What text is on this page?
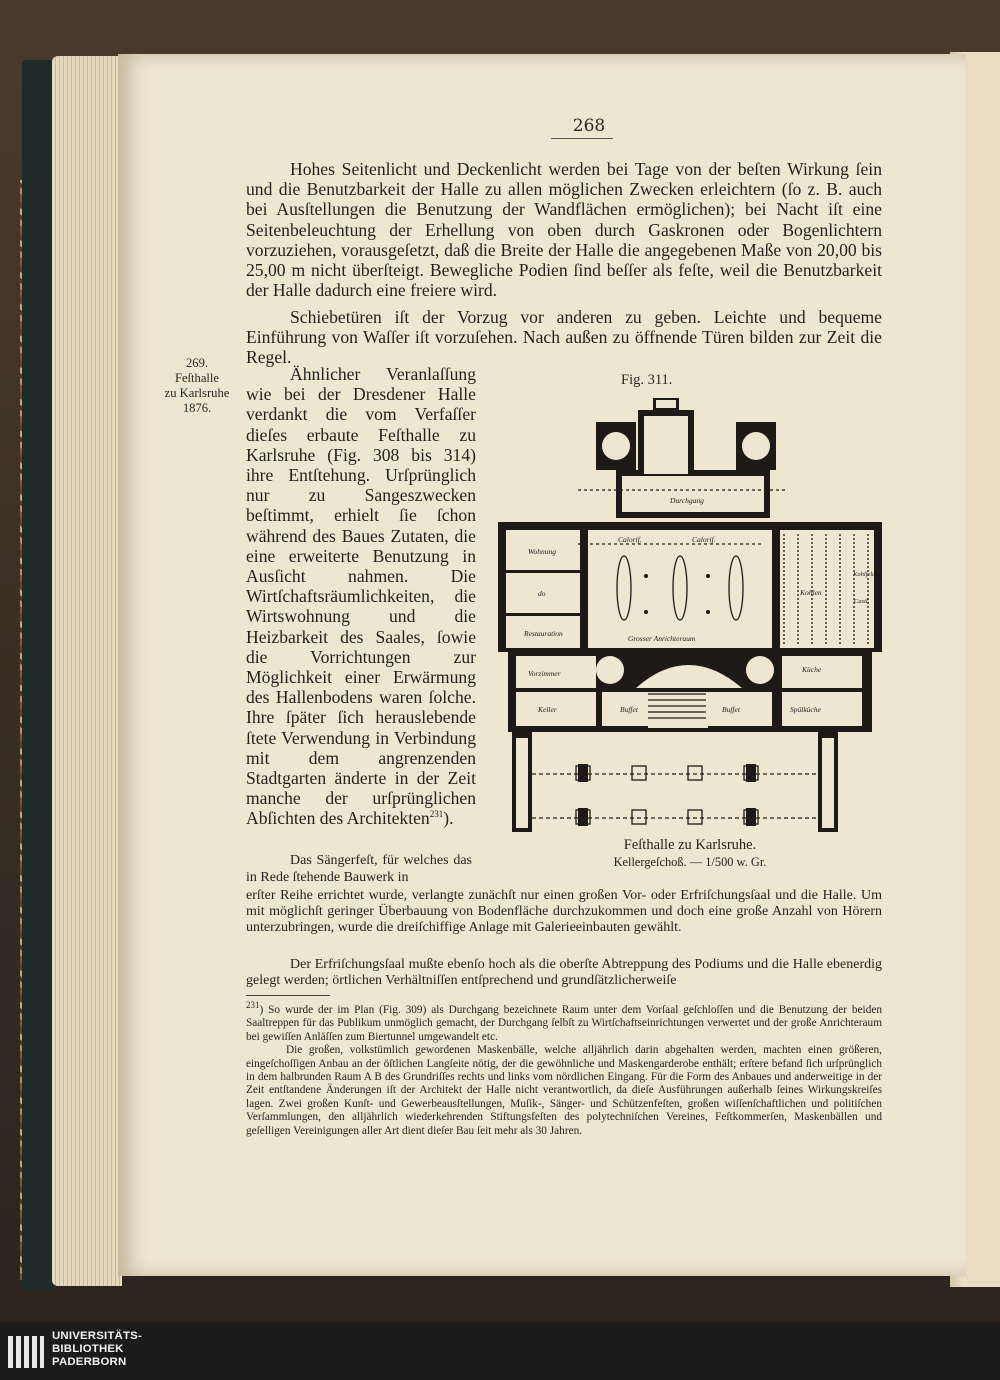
268

Hohes Seitenlicht und Deckenlicht werden bei Tage von der beſten Wirkung ſein und die Benutzbarkeit der Halle zu allen möglichen Zwecken erleichtern (ſo z. B. auch bei Ausſtellungen die Benutzung der Wandflächen ermöglichen); bei Nacht iſt eine Seitenbeleuchtung der Erhellung von oben durch Gaskronen oder Bogenlichtern vorzuziehen, vorausgeſetzt, daß die Breite der Halle die angegebenen Maße von 20,00 bis 25,00 m nicht überſteigt. Bewegliche Podien ſind beſſer als feſte, weil die Benutzbarkeit der Halle dadurch eine freiere wird.

Schiebetüren iſt der Vorzug vor anderen zu geben. Leichte und bequeme Einführung von Waſſer iſt vorzuſehen. Nach außen zu öffnende Türen bilden zur Zeit die Regel.

269.
Feſthalle
zu Karlsruhe
1876.

Ähnlicher Veranlaſſung wie bei der Dresdener Halle verdankt die vom Verfaſſer dieſes erbaute Feſthalle zu Karlsruhe (Fig. 308 bis 314) ihre Entſtehung. Urſprünglich nur zu Sangeszwecken beſtimmt, erhielt ſie ſchon während des Baues Zutaten, die eine erweiterte Benutzung in Ausſicht nahmen. Die Wirtſchaftsräumlichkeiten, die Wirtswohnung und die Heizbarkeit des Saales, ſowie die Vorrichtungen zur Möglichkeit einer Erwärmung des Hallenbodens waren ſolche. Ihre ſpäter ſich herauslebende ſtete Verwendung in Verbindung mit dem angrenzenden Stadtgarten änderte in der Zeit manche der urſprünglichen Abſichten des Architekten$^{231}$).

Das Sängerfeſt, für welches das in Rede ſtehende Bauwerk in

Fig. 311.
Durchgang
Wohnung
do
Restauration
Calorif.	Calorif.
Grosser Anrichteraum
Kohlen
Kohlfeld
Castl.
Vorzimmer	Küche
Buffet	Buffet
Keller	Spülküche
Feſthalle zu Karlsruhe.
Kellergeſchoß. — 1/500 w. Gr.

erſter Reihe errichtet wurde, verlangte zunächſt nur einen großen Vor- oder Erfriſchungsſaal und die Halle. Um mit möglichſt geringer Überbauung von Bodenfläche durchzukommen und doch eine große Anzahl von Hörern unterzubringen, wurde die dreiſchiffige Anlage mit Galerieeinbauten gewählt.

Der Erfriſchungsſaal mußte ebenſo hoch als die oberſte Abtreppung des Podiums und die Halle ebenerdig gelegt werden; örtlichen Verhältniſſen entſprechend und grundſätzlicherweiſe

$^{231}$) So wurde der im Plan (Fig. 309) als Durchgang bezeichnete Raum unter dem Vorſaal geſchloſſen und die Benutzung der beiden Saaltreppen für das Publikum unmöglich gemacht, der Durchgang ſelbſt zu Wirtſchaftseinrichtungen verwertet und der große Anrichteraum bei gewiſſen Anläſſen zum Biertunnel umgewandelt etc.

Die großen, volkstümlich gewordenen Maskenbälle, welche alljährlich darin abgehalten werden, machten einen größeren, eingeſchoſſigen Anbau an der öſtlichen Langſeite nötig, der die gewöhnliche und Maskengarderobe enthält; erſtere befand ſich urſprünglich in dem halbrunden Raum A B des Grundriſſes rechts und links vom nördlichen Eingang. Für die Form des Anbaues und anderweitige in der Zeit entſtandene Änderungen iſt der Architekt der Halle nicht verantwortlich, da dieſe Ausführungen außerhalb ſeines Wirkungskreiſes lagen. Zwei großen Kunſt- und Gewerbeausſtellungen, Muſik-, Sänger- und Schützenfeſten, großen wiſſenſchaftlichen und politiſchen Verſammlungen, den alljährlich wiederkehrenden Stiftungsfeſten des polytechniſchen Vereines, Feſtkommerſen, Maskenbällen und geſelligen Vereinigungen aller Art dient dieſer Bau ſeit mehr als 30 Jahren.

UNIVERSITÄTS-
BIBLIOTHEK
PADERBORN
